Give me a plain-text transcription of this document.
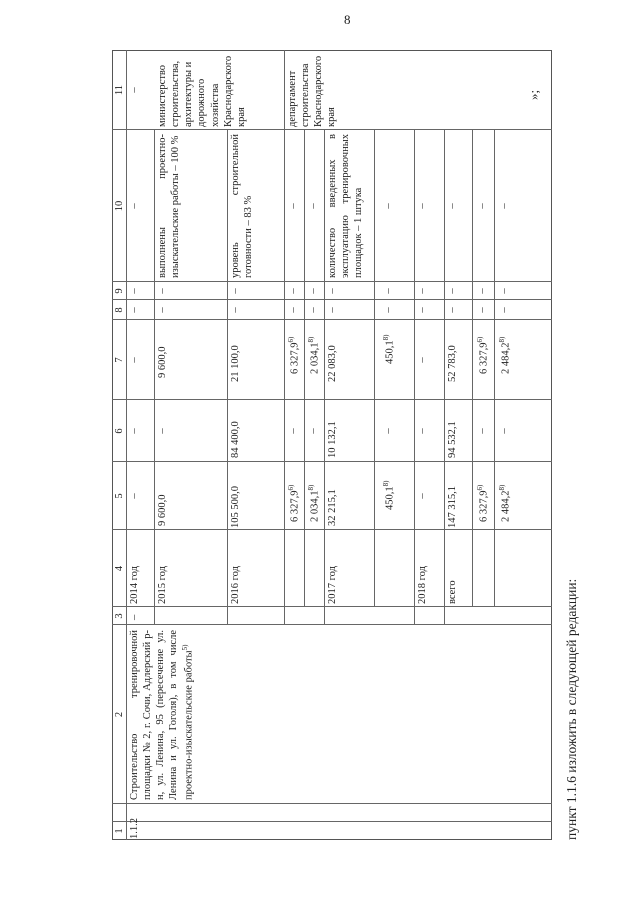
8
1
2
3
4
5
6
7
8
9
10
11
1.1.2
Строительство тренировочной площадки № 2, г. Сочи, Адлерский р-н, ул. Ленина, 95 (пересечение ул. Ленина и ул. Гоголя), в том числе проектно-изыскательские работы$^{5)}$
–
2014 год
–
–
–
–
–
–
2015 год
9 600,0
–
9 600,0
–
–
выполнены проектно-изыскательские работы – 100 %
2016 год
105 500,0
84 400,0
21 100,0
–
–
уровень строительной готовности – 83 %
6 327,9$^{6)}$
–
6 327,9$^{6)}$
–
–
–
2 034,1$^{8)}$
–
2 034,1$^{8)}$
–
–
–
2017 год
32 215,1
10 132,1
22 083,0
–
–
количество введенных в эксплуатацию тренировочных площадок – 1 штука
450,1$^{8)}$
–
450,1$^{8)}$
–
–
–
2018 год
–
–
–
–
–
–
всего
147 315,1
94 532,1
52 783,0
–
–
–
6 327,9$^{6)}$
–
6 327,9$^{6)}$
–
–
–
2 484,2$^{8)}$
–
2 484,2$^{8)}$
–
–
–
– министерство строительства, архитектуры и дорожного хозяйства Краснодарского края	департамент строительства Краснодарского края
»;
пункт 1.1.6 изложить в следующей редакции:
